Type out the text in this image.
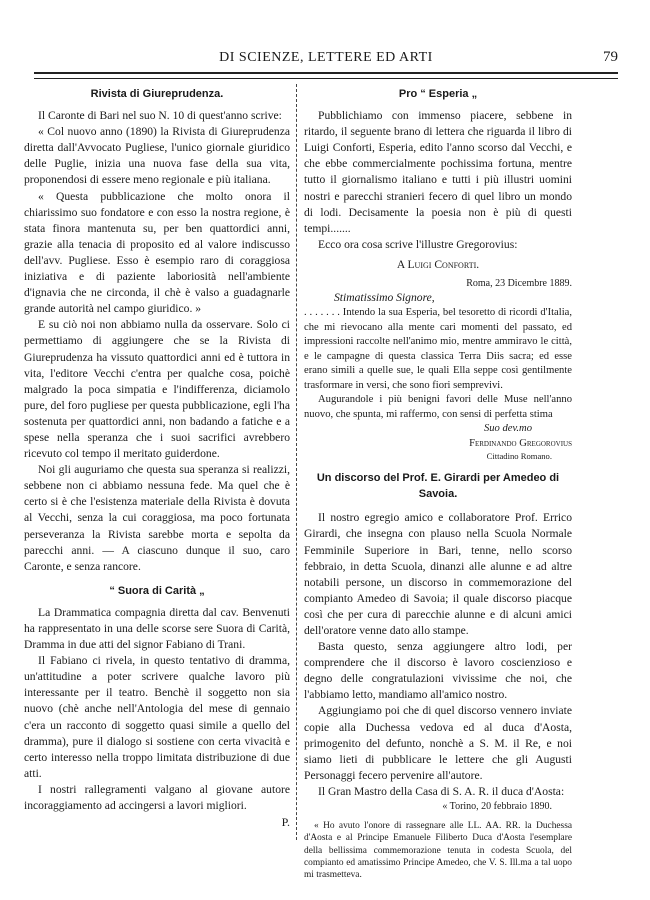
DI SCIENZE, LETTERE ED ARTI	79
Rivista di Giureprudenza.

Il Caronte di Bari nel suo N. 10 di quest'anno scrive:

« Col nuovo anno (1890) la Rivista di Giureprudenza diretta dall'Avvocato Pugliese, l'unico giornale giuridico delle Puglie, inizia una nuova fase della sua vita, proponendosi di essere meno regionale e più italiana.

« Questa pubblicazione che molto onora il chiarissimo suo fondatore e con esso la nostra regione, è stata finora mantenuta su, per ben quattordici anni, grazie alla tenacia di proposito ed al valore indiscusso dell'avv. Pugliese. Esso è esempio raro di coraggiosa iniziativa e di paziente laboriosità nell'ambiente d'ignavia che ne circonda, il chè è valso a guadagnarle grande autorità nel campo giuridico. »

E su ciò noi non abbiamo nulla da osservare. Solo ci permettiamo di aggiungere che se la Rivista di Giureprudenza ha vissuto quattordici anni ed è tuttora in vita, l'editore Vecchi c'entra per qualche cosa, poichè malgrado la poca simpatia e l'indifferenza, diciamolo pure, del foro pugliese per questa pubblicazione, egli l'ha sostenuta per quattordici anni, non badando a fatiche e a spese nella speranza che i suoi sacrifici avrebbero ricevuto col tempo il meritato guiderdone.

Noi gli auguriamo che questa sua speranza si realizzi, sebbene non ci abbiamo nessuna fede. Ma quel che è certo si è che l'esistenza materiale della Rivista è dovuta al Vecchi, senza la cui coraggiosa, ma poco fortunata perseveranza la Rivista sarebbe morta e sepolta da parecchi anni. — A ciascuno dunque il suo, caro Caronte, e senza rancore.

“ Suora di Carità „

La Drammatica compagnia diretta dal cav. Benvenuti ha rappresentato in una delle scorse sere Suora di Carità, Dramma in due atti del signor Fabiano di Trani.

Il Fabiano ci rivela, in questo tentativo di dramma, un'attitudine a poter scrivere qualche lavoro più interessante per il teatro. Benchè il soggetto non sia nuovo (chè anche nell'Antologia del mese di gennaio c'era un racconto di soggetto quasi simile a quello del dramma), pure il dialogo si sostiene con certa vivacità e certo interesso nella troppo limitata distribuzione di due atti.

I nostri rallegramenti valgano al giovane autore incoraggiamento ad accingersi a lavori migliori.

P.
Pro “ Esperia „

Pubblichiamo con immenso piacere, sebbene in ritardo, il seguente brano di lettera che riguarda il libro di Luigi Conforti, Esperia, edito l'anno scorso dal Vecchi, e che ebbe commercialmente pochissima fortuna, mentre tutto il giornalismo italiano e tutti i più illustri uomini nostri e parecchi stranieri fecero di quel libro un mondo di lodi. Decisamente la poesia non è più di questi tempi.......

Ecco ora cosa scrive l'illustre Gregorovius:

A Luigi Conforti.

Roma, 23 Dicembre 1889.

Stimatissimo Signore,

. . . . . . . Intendo la sua Esperia, bel tesoretto di ricordi d'Italia, che mi rievocano alla mente cari momenti del passato, ed impressioni raccolte nell'animo mio, mentre ammiravo le città, e le campagne di questa classica Terra Diis sacra; ed esse erano simili a quelle sue, le quali Ella seppe così gentilmente trasformare in versi, che sono fiori semprevivi.

Augurandole i più benigni favori delle Muse nell'anno nuovo, che spunta, mi raffermo, con sensi di perfetta stima

Suo dev.mo

Ferdinando Gregorovius

Cittadino Romano.

Un discorso del Prof. E. Girardi per Amedeo di Savoia.

Il nostro egregio amico e collaboratore Prof. Errico Girardi, che insegna con plauso nella Scuola Normale Femminile Superiore in Bari, tenne, nello scorso febbraio, in detta Scuola, dinanzi alle alunne e ad altre notabili persone, un discorso in commemorazione del compianto Amedeo di Savoia; il quale discorso piacque così che per cura di parecchie alunne e di alcuni amici dell'oratore venne dato allo stampe.

Basta questo, senza aggiungere altro lodi, per comprendere che il discorso è lavoro coscienzioso e degno delle congratulazioni vivissime che noi, che l'abbiamo letto, mandiamo all'amico nostro.

Aggiungiamo poi che di quel discorso vennero inviate copie alla Duchessa vedova ed al duca d'Aosta, primogenito del defunto, nonchè a S. M. il Re, e noi siamo lieti di pubblicare le lettere che gli Augusti Personaggi fecero pervenire all'autore.

Il Gran Mastro della Casa di S. A. R. il duca d'Aosta:

« Torino, 20 febbraio 1890.

« Ho avuto l'onore di rassegnare alle LL. AA. RR. la Duchessa d'Aosta e al Principe Emanuele Filiberto Duca d'Aosta l'esemplare della bellissima commemorazione tenuta in codesta Scuola, del compianto ed amatissimo Principe Amedeo, che V. S. Ill.ma a tal uopo mi trasmetteva.
